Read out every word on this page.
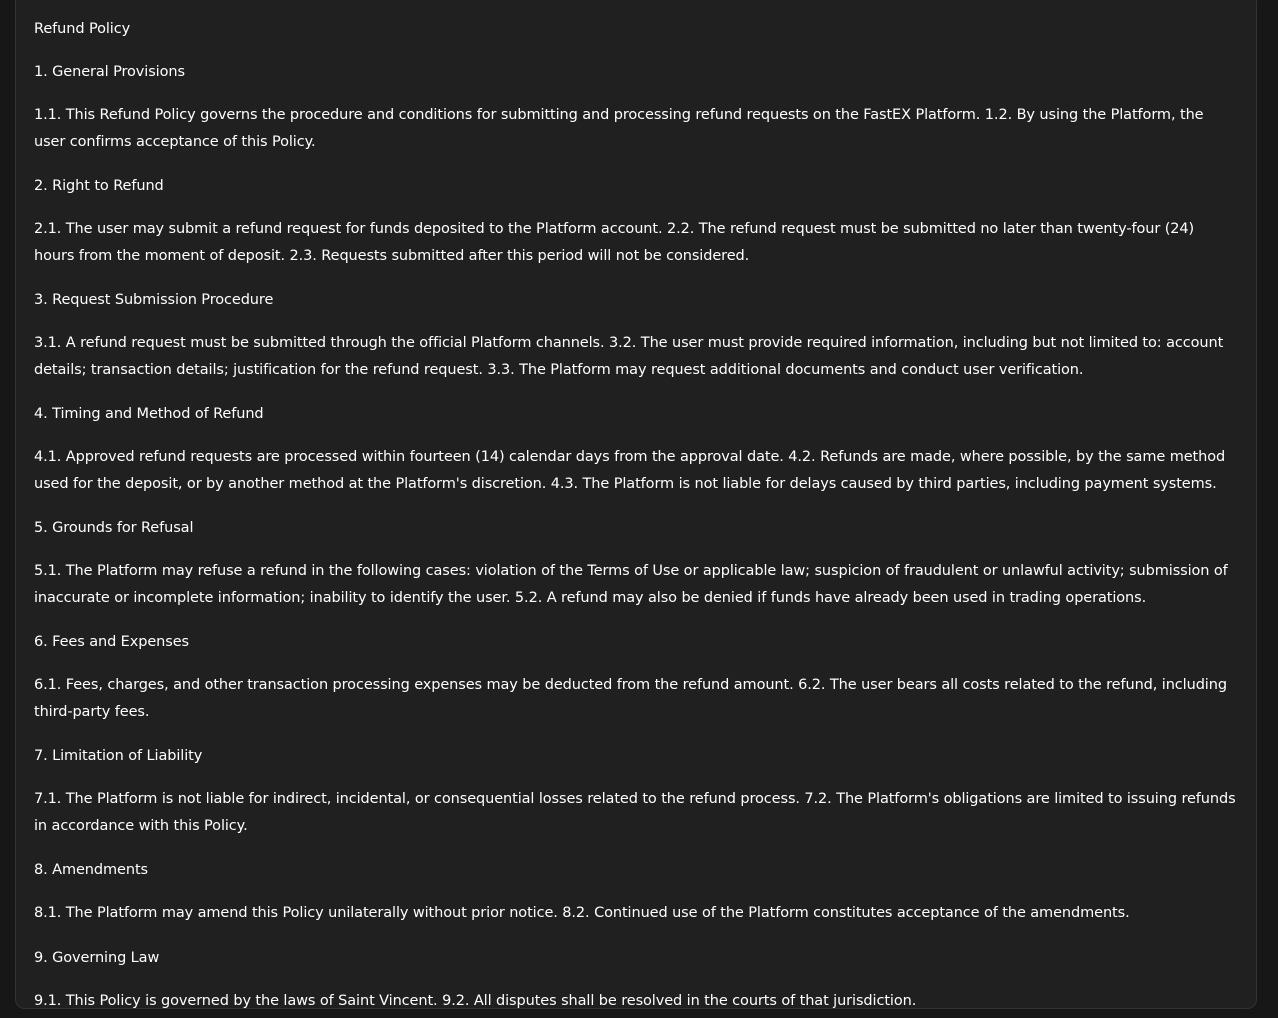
Refund Policy
1. General Provisions
1.1. This Refund Policy governs the procedure and conditions for submitting and processing refund requests on the FastEX Platform. 1.2. By using the Platform, the user confirms acceptance of this Policy.
2. Right to Refund
2.1. The user may submit a refund request for funds deposited to the Platform account. 2.2. The refund request must be submitted no later than twenty-four (24) hours from the moment of deposit. 2.3. Requests submitted after this period will not be considered.
3. Request Submission Procedure
3.1. A refund request must be submitted through the official Platform channels. 3.2. The user must provide required information, including but not limited to: account details; transaction details; justification for the refund request. 3.3. The Platform may request additional documents and conduct user verification.
4. Timing and Method of Refund
4.1. Approved refund requests are processed within fourteen (14) calendar days from the approval date. 4.2. Refunds are made, where possible, by the same method used for the deposit, or by another method at the Platform's discretion. 4.3. The Platform is not liable for delays caused by third parties, including payment systems.
5. Grounds for Refusal
5.1. The Platform may refuse a refund in the following cases: violation of the Terms of Use or applicable law; suspicion of fraudulent or unlawful activity; submission of inaccurate or incomplete information; inability to identify the user. 5.2. A refund may also be denied if funds have already been used in trading operations.
6. Fees and Expenses
6.1. Fees, charges, and other transaction processing expenses may be deducted from the refund amount. 6.2. The user bears all costs related to the refund, including third-party fees.
7. Limitation of Liability
7.1. The Platform is not liable for indirect, incidental, or consequential losses related to the refund process. 7.2. The Platform's obligations are limited to issuing refunds in accordance with this Policy.
8. Amendments
8.1. The Platform may amend this Policy unilaterally without prior notice. 8.2. Continued use of the Platform constitutes acceptance of the amendments.
9. Governing Law
9.1. This Policy is governed by the laws of Saint Vincent. 9.2. All disputes shall be resolved in the courts of that jurisdiction.
